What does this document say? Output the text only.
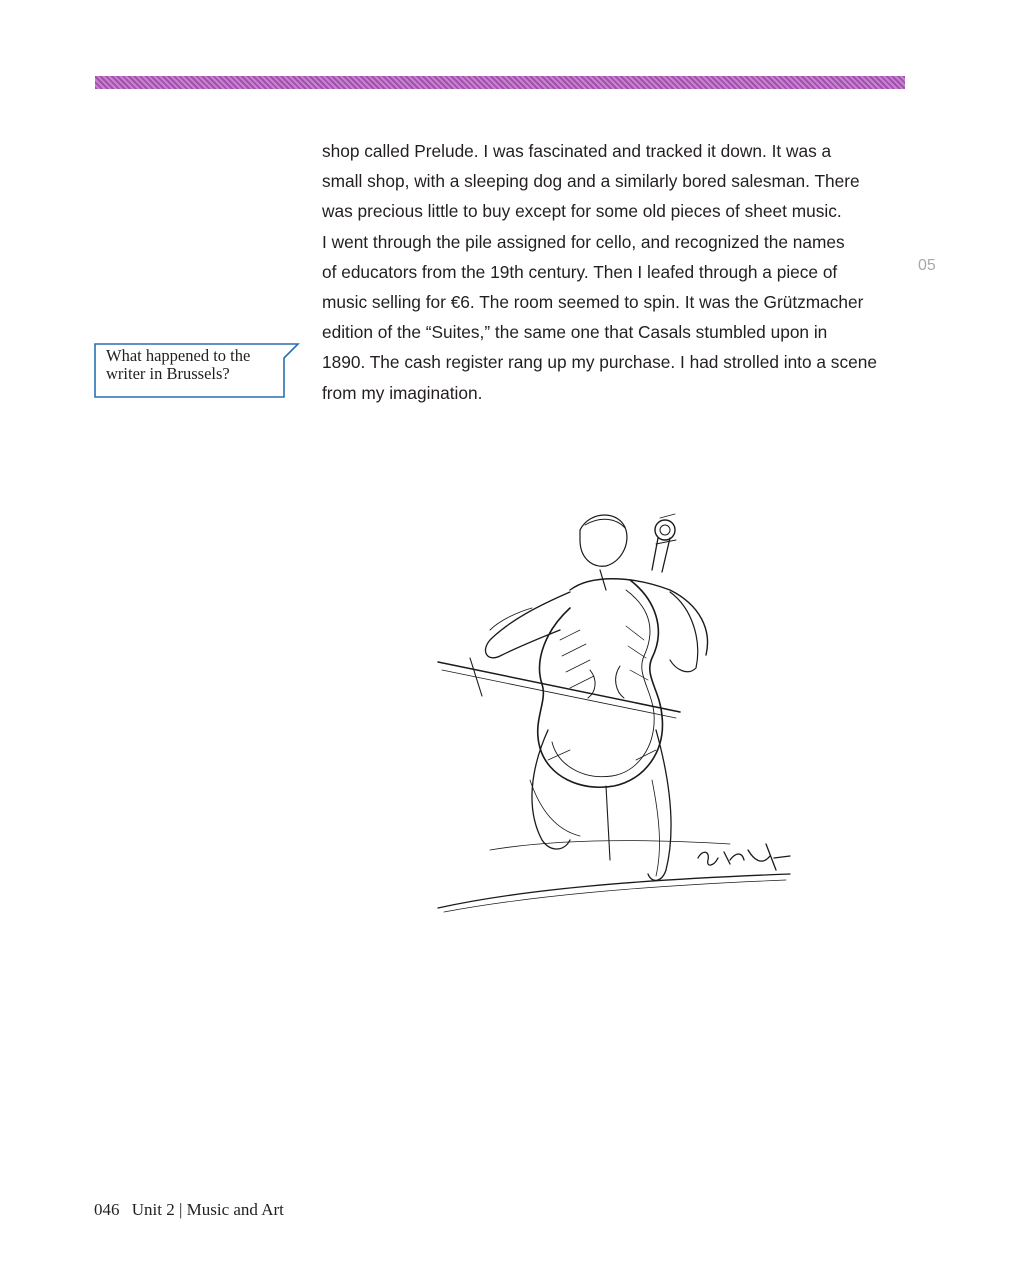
shop called Prelude. I was fascinated and tracked it down. It was a
small shop, with a sleeping dog and a similarly bored salesman. There
was precious little to buy except for some old pieces of sheet music.
I went through the pile assigned for cello, and recognized the names
of educators from the 19th century. Then I leafed through a piece of
music selling for €6. The room seemed to spin. It was the Grützmacher
edition of the “Suites,” the same one that Casals stumbled upon in
1890. The cash register rang up my purchase. I had strolled into a scene
from my imagination.

05
What happened to the
writer in Brussels?
046 Unit 2 | Music and Art
